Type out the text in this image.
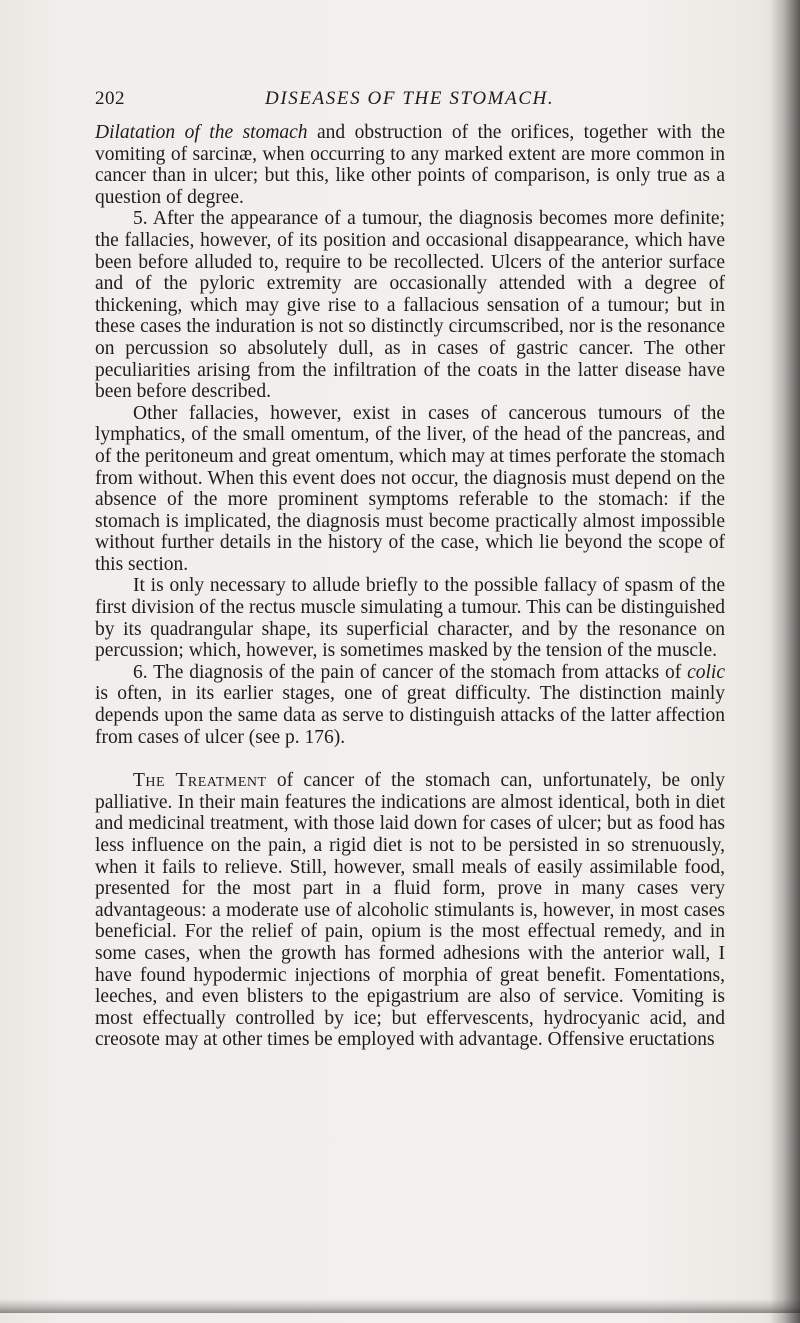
202	DISEASES OF THE STOMACH.

Dilatation of the stomach and obstruction of the orifices, together with the vomiting of sarcinæ, when occurring to any marked extent are more common in cancer than in ulcer; but this, like other points of comparison, is only true as a question of degree.

5. After the appearance of a tumour, the diagnosis becomes more definite; the fallacies, however, of its position and occasional disappearance, which have been before alluded to, require to be recollected. Ulcers of the anterior surface and of the pyloric extremity are occasionally attended with a degree of thickening, which may give rise to a fallacious sensation of a tumour; but in these cases the induration is not so distinctly circumscribed, nor is the resonance on percussion so absolutely dull, as in cases of gastric cancer. The other peculiarities arising from the infiltration of the coats in the latter disease have been before described.

Other fallacies, however, exist in cases of cancerous tumours of the lymphatics, of the small omentum, of the liver, of the head of the pancreas, and of the peritoneum and great omentum, which may at times perforate the stomach from without. When this event does not occur, the diagnosis must depend on the absence of the more prominent symptoms referable to the stomach: if the stomach is implicated, the diagnosis must become practically almost impossible without further details in the history of the case, which lie beyond the scope of this section.

It is only necessary to allude briefly to the possible fallacy of spasm of the first division of the rectus muscle simulating a tumour. This can be distinguished by its quadrangular shape, its superficial character, and by the resonance on percussion; which, however, is sometimes masked by the tension of the muscle.

6. The diagnosis of the pain of cancer of the stomach from attacks of colic is often, in its earlier stages, one of great difficulty. The distinction mainly depends upon the same data as serve to distinguish attacks of the latter affection from cases of ulcer (see p. 176).

The Treatment of cancer of the stomach can, unfortunately, be only palliative. In their main features the indications are almost identical, both in diet and medicinal treatment, with those laid down for cases of ulcer; but as food has less influence on the pain, a rigid diet is not to be persisted in so strenuously, when it fails to relieve. Still, however, small meals of easily assimilable food, presented for the most part in a fluid form, prove in many cases very advantageous: a moderate use of alcoholic stimulants is, however, in most cases beneficial. For the relief of pain, opium is the most effectual remedy, and in some cases, when the growth has formed adhesions with the anterior wall, I have found hypodermic injections of morphia of great benefit. Fomentations, leeches, and even blisters to the epigastrium are also of service. Vomiting is most effectually controlled by ice; but effervescents, hydrocyanic acid, and creosote may at other times be employed with advantage. Offensive eructations
